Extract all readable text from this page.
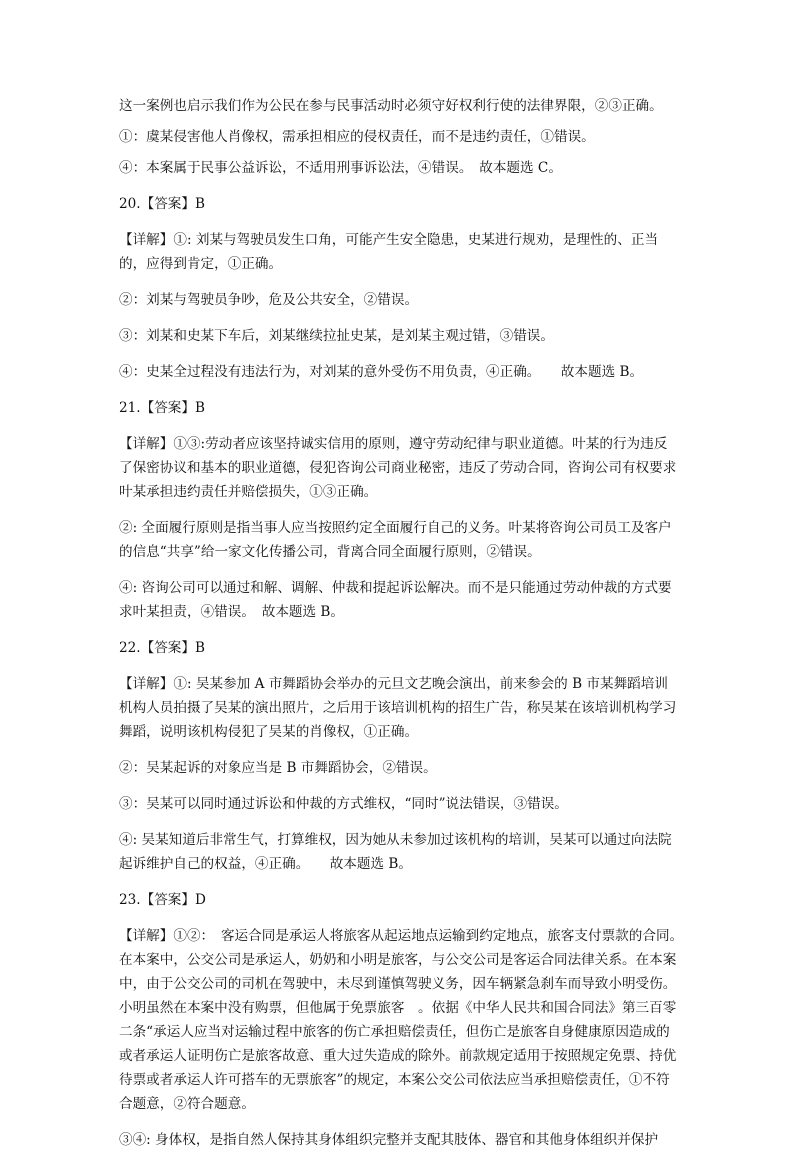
这一案例也启示我们作为公民在参与民事活动时必须守好权利行使的法律界限，②③正确。

①：虞某侵害他人肖像权，需承担相应的侵权责任，而不是违约责任，①错误。

④：本案属于民事公益诉讼，不适用刑事诉讼法，④错误。　故本题选 C。

20.【答案】B

【详解】①: 刘某与驾驶员发生口角，可能产生安全隐患，史某进行规劝，是理性的、正当的，应得到肯定，①正确。

②：刘某与驾驶员争吵，危及公共安全，②错误。

③：刘某和史某下车后，刘某继续拉扯史某，是刘某主观过错，③错误。

④：史某全过程没有违法行为，对刘某的意外受伤不用负责，④正确。　　故本题选 B。

21.【答案】B

【详解】①③:劳动者应该坚持诚实信用的原则，遵守劳动纪律与职业道德。叶某的行为违反了保密协议和基本的职业道德，侵犯咨询公司商业秘密，违反了劳动合同，咨询公司有权要求叶某承担违约责任并赔偿损失，①③正确。

②: 全面履行原则是指当事人应当按照约定全面履行自己的义务。叶某将咨询公司员工及客户的信息“共享”给一家文化传播公司，背离合同全面履行原则，②错误。

④: 咨询公司可以通过和解、调解、仲裁和提起诉讼解决。而不是只能通过劳动仲裁的方式要求叶某担责，④错误。　故本题选 B。

22.【答案】B

【详解】①: 吴某参加 A 市舞蹈协会举办的元旦文艺晚会演出，前来参会的 B 市某舞蹈培训机构人员拍摄了吴某的演出照片，之后用于该培训机构的招生广告，称吴某在该培训机构学习舞蹈，说明该机构侵犯了吴某的肖像权，①正确。

②：吴某起诉的对象应当是 B 市舞蹈协会，②错误。

③：吴某可以同时通过诉讼和仲裁的方式维权，“同时”说法错误，③错误。

④: 吴某知道后非常生气，打算维权，因为她从未参加过该机构的培训，吴某可以通过向法院起诉维护自己的权益，④正确。　　故本题选 B。

23.【答案】D

【详解】①②：　客运合同是承运人将旅客从起运地点运输到约定地点，旅客支付票款的合同。　在本案中，公交公司是承运人，奶奶和小明是旅客，与公交公司是客运合同法律关系。在本案中，由于公交公司的司机在驾驶中，未尽到谨慎驾驶义务，因车辆紧急刹车而导致小明受伤。小明虽然在本案中没有购票，但他属于免票旅客　。依据《中华人民共和国合同法》第三百零二条“承运人应当对运输过程中旅客的伤亡承担赔偿责任，但伤亡是旅客自身健康原因造成的或者承运人证明伤亡是旅客故意、重大过失造成的除外。前款规定适用于按照规定免票、持优待票或者承运人许可搭车的无票旅客”的规定，本案公交公司依法应当承担赔偿责任，①不符合题意，②符合题意。

③④: 身体权，是指自然人保持其身体组织完整并支配其肢体、器官和其他身体组织并保护
